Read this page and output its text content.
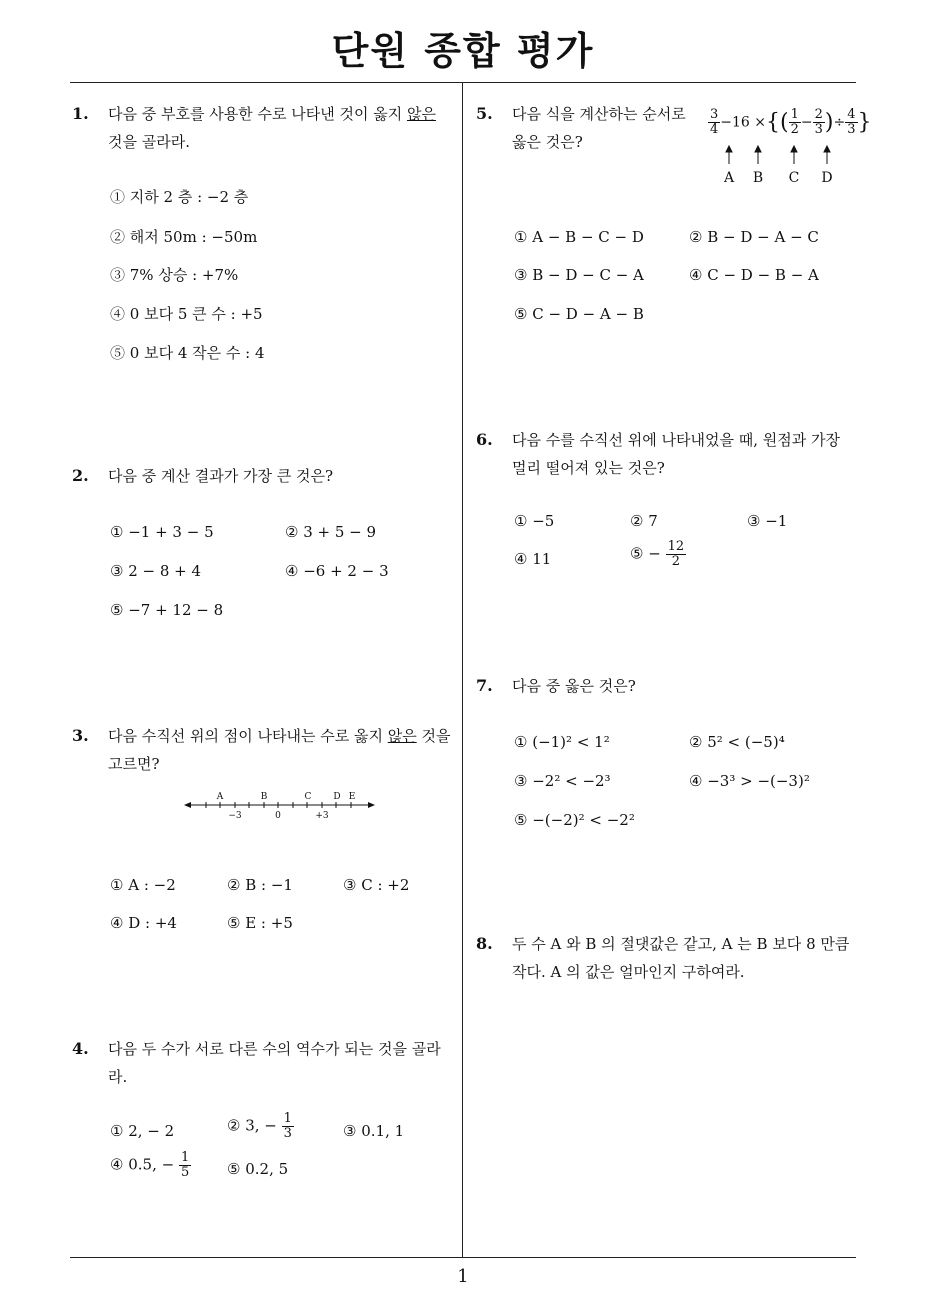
단원 종합 평가
1
1. 다음 중 부호를 사용한 수로 나타낸 것이 옳지 않은
것을 골라라.
① 지하 2 층 : −2 층
② 해저 50m : −50m
③ 7% 상승 : +7%
④ 0 보다 5 큰 수 : +5
⑤ 0 보다 4 작은 수 : 4
2. 다음 중 계산 결과가 가장 큰 것은?
① −1 + 3 − 5	② 3 + 5 − 9
③ 2 − 8 + 4	④ −6 + 2 − 3
⑤ −7 + 12 − 8
3. 다음 수직선 위의 점이 나타내는 수로 옳지 않은 것을
고르면?
A	B	C D E
−3	0	+3
① A : −2	② B : −1	③ C : +2
④ D : +4	⑤ E : +5
4. 다음 두 수가 서로 다른 수의 역수가 되는 것을 골라
라.
① 2, − 2	② 3, − $\frac{1}{3}$	③ 0.1, 1
④ 0.5, − $\frac{1}{5}$ ⑤ 0.2, 5
5. 다음 식을 계산하는 순서로
옳은 것은?
$\frac{3}{4} -16$ ×{( $\frac{1}{2} - \frac{2}{3}$ )÷ $\frac{4}{3}$ }
A B C D
① A − B − C − D	② B − D − A − C
③ B − D − C − A	④ C − D − B − A
⑤ C − D − A − B
6. 다음 수를 수직선 위에 나타내었을 때, 원점과 가장
멀리 떨어져 있는 것은?
① −5	② 7	③ −1
④ 11	⑤ − $\frac{12}{2}$
7. 다음 중 옳은 것은?
① (−1)² < 1²	② 5² < (−5)⁴
③ −2² < −2³	④ −3³ > −(−3)²
⑤ −(−2)² < −2²
8. 두 수 A 와 B 의 절댓값은 같고, A 는 B 보다 8 만큼
작다. A 의 값은 얼마인지 구하여라.
